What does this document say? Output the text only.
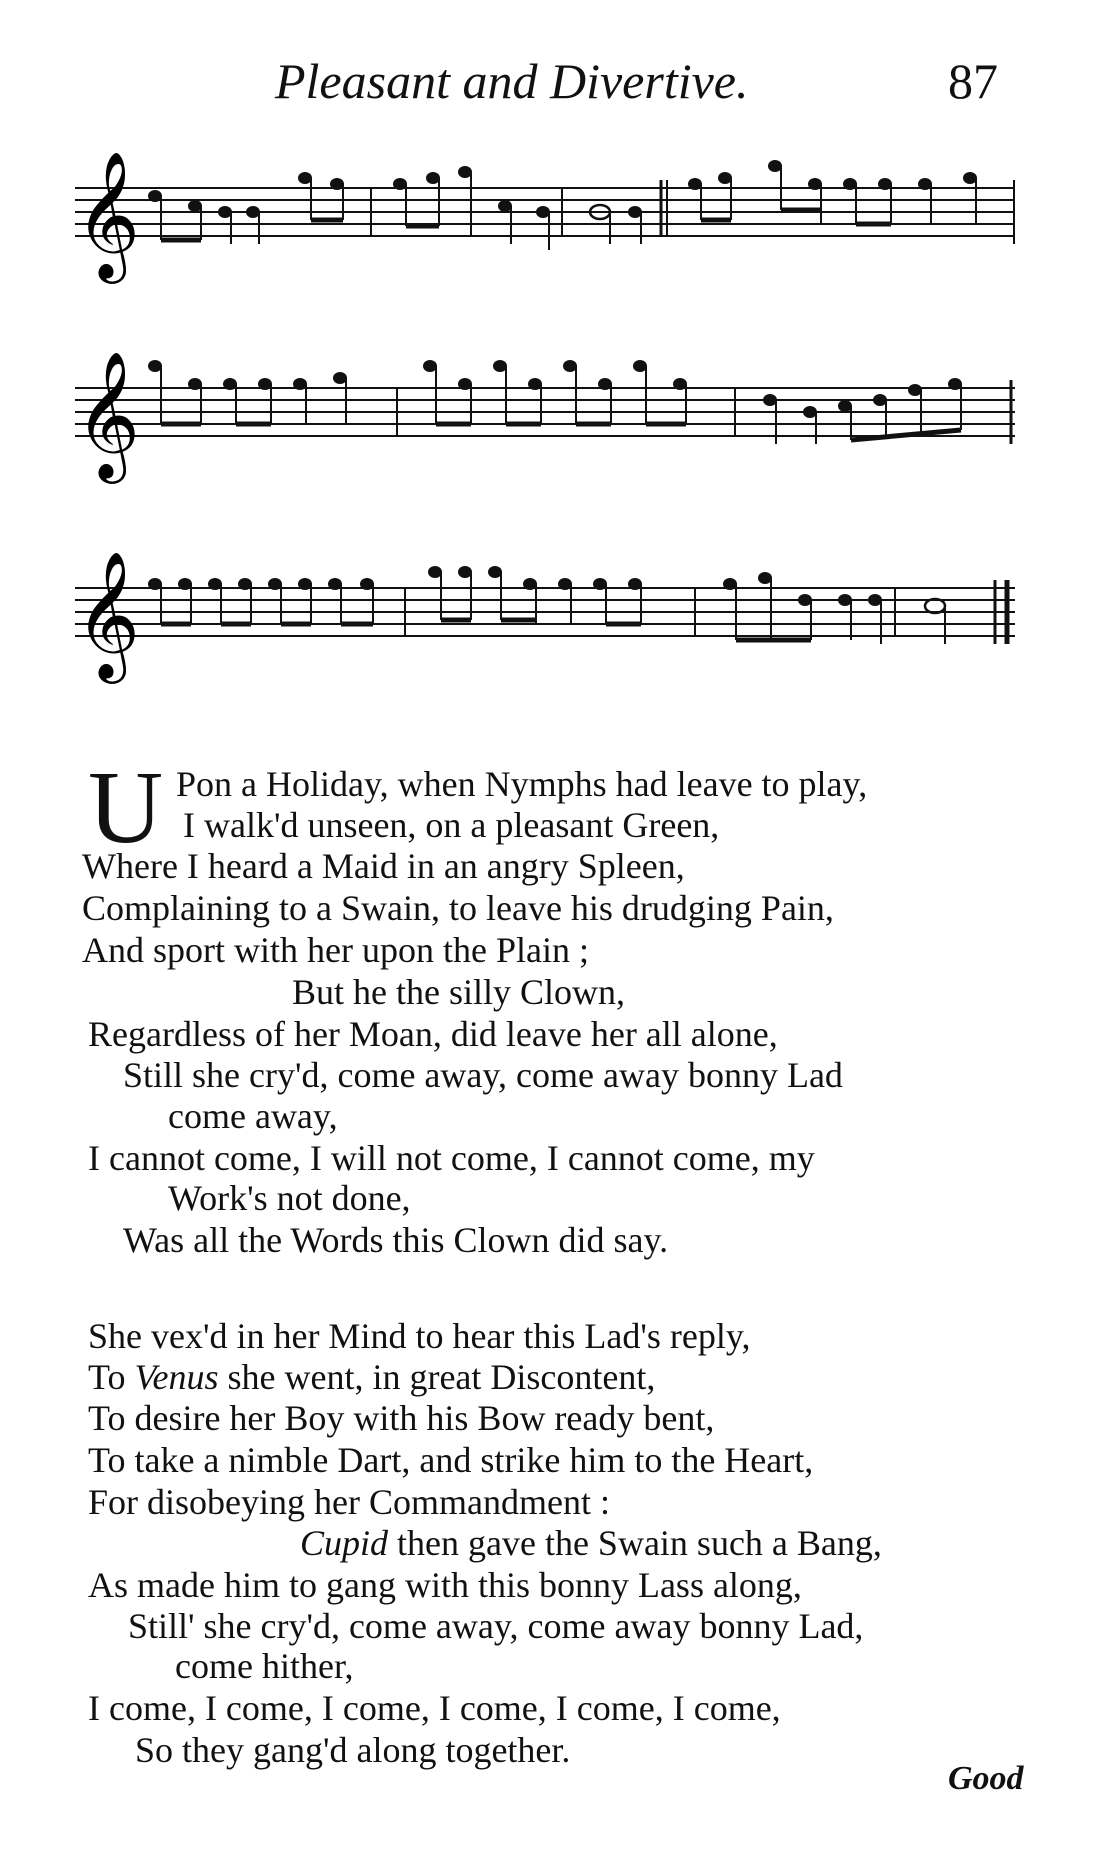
Pleasant and Divertive.	87
𝄞
𝄞
𝄞
U Pon a Holiday, when Nymphs had leave to play,
I walk'd unseen, on a pleasant Green,
Where I heard a Maid in an angry Spleen,
Complaining to a Swain, to leave his drudging Pain,
And sport with her upon the Plain ;
But he the silly Clown,
Regardless of her Moan, did leave her all alone,
Still she cry'd, come away, come away bonny Lad
come away,
I cannot come, I will not come, I cannot come, my
Work's not done,
Was all the Words this Clown did say.
She vex'd in her Mind to hear this Lad's reply,
To Venus she went, in great Discontent,
To desire her Boy with his Bow ready bent,
To take a nimble Dart, and strike him to the Heart,
For disobeying her Commandment :
Cupid then gave the Swain such a Bang,
As made him to gang with this bonny Lass along,
Still' she cry'd, come away, come away bonny Lad,
come hither,
I come, I come, I come, I come, I come, I come,
So they gang'd along together.
Good
